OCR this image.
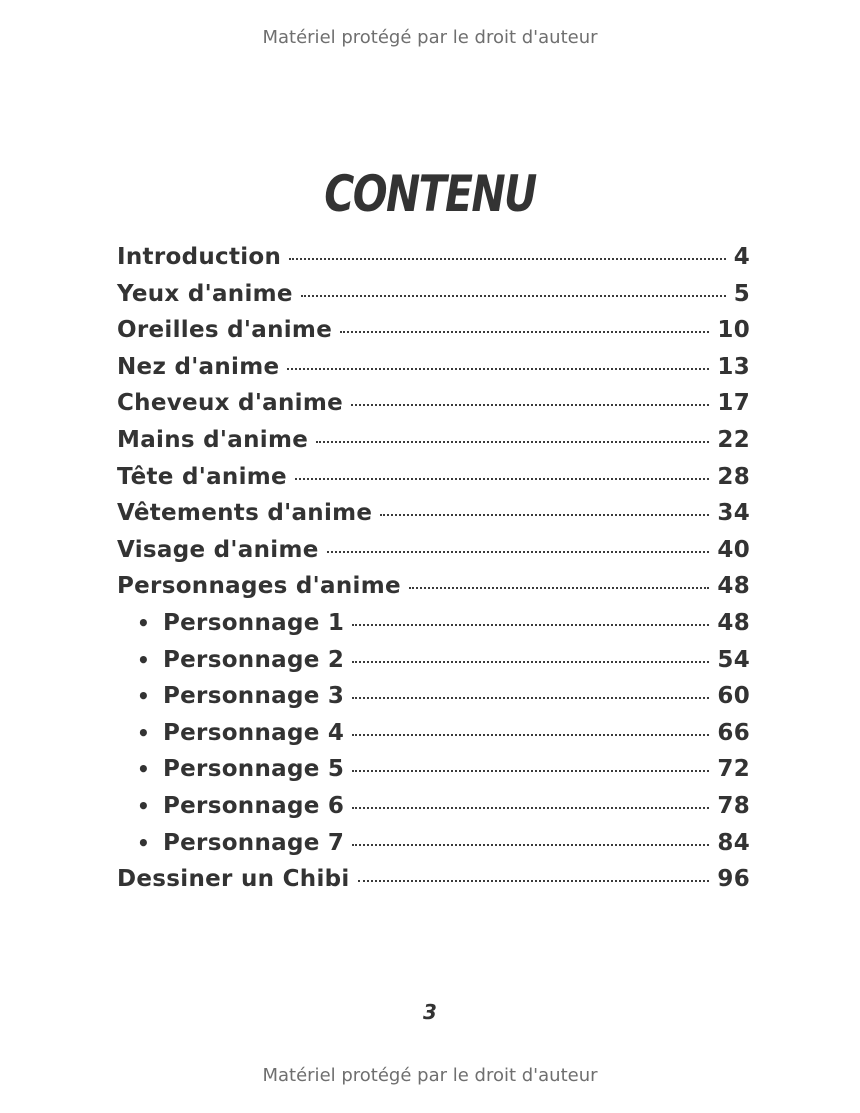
Matériel protégé par le droit d'auteur
CONTENU
Introduction	4
Yeux d'anime	5
Oreilles d'anime	10
Nez d'anime	13
Cheveux d'anime	17
Mains d'anime	22
Tête d'anime	28
Vêtements d'anime	34
Visage d'anime	40
Personnages d'anime	48
• Personnage 1	48
• Personnage 2	54
• Personnage 3	60
• Personnage 4	66
• Personnage 5	72
• Personnage 6	78
• Personnage 7	84
Dessiner un Chibi	96
3
Matériel protégé par le droit d'auteur
